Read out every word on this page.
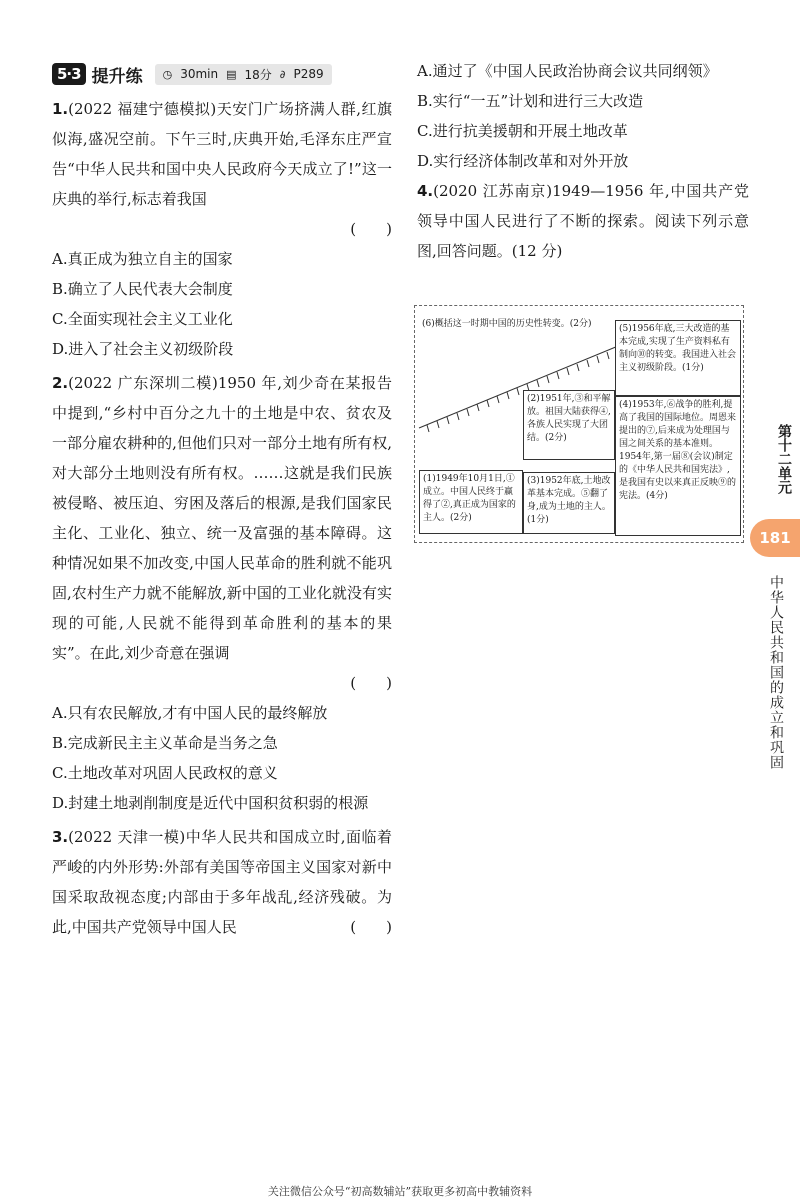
5·3 提升练 ◷ 30min ▤ 18分 ∂ P289
1.(2022 福建宁德模拟)天安门广场挤满人群,红旗似海,盛况空前。下午三时,庆典开始,毛泽东庄严宣告“中华人民共和国中央人民政府今天成立了!”这一庆典的举行,标志着我国
(　　)
A.真正成为独立自主的国家
B.确立了人民代表大会制度
C.全面实现社会主义工业化
D.进入了社会主义初级阶段
2.(2022 广东深圳二模)1950 年,刘少奇在某报告中提到,“乡村中百分之九十的土地是中农、贫农及一部分雇农耕种的,但他们只对一部分土地有所有权,对大部分土地则没有所有权。……这就是我们民族被侵略、被压迫、穷困及落后的根源,是我们国家民主化、工业化、独立、统一及富强的基本障碍。这种情况如果不加改变,中国人民革命的胜利就不能巩固,农村生产力就不能解放,新中国的工业化就没有实现的可能,人民就不能得到革命胜利的基本的果实”。在此,刘少奇意在强调
(　　)
A.只有农民解放,才有中国人民的最终解放
B.完成新民主主义革命是当务之急
C.土地改革对巩固人民政权的意义
D.封建土地剥削制度是近代中国积贫积弱的根源
3.(2022 天津一模)中华人民共和国成立时,面临着严峻的内外形势:外部有美国等帝国主义国家对新中国采取敌视态度;内部由于多年战乱,经济残破。为此,中国共产党领导中国人民	(　　)
A.通过了《中国人民政治协商会议共同纲领》
B.实行“一五”计划和进行三大改造
C.进行抗美援朝和开展土地改革
D.实行经济体制改革和对外开放
4.(2020 江苏南京)1949—1956 年,中国共产党领导中国人民进行了不断的探索。阅读下列示意图,回答问题。(12 分)
(6)概括这一时期中国的历史性转变。(2分)	(5)1956年底,三大改造的基本完成,实现了生产资料私有制向⑩的转变。我国进入社会主义初级阶段。(1分)
(2)1951年,③和平解放。祖国大陆获得④,各族人民实现了大团结。(2分)
(4)1953年,⑥战争的胜利,提高了我国的国际地位。周恩来提出的⑦,后来成为处理国与国之间关系的基本准则。1954年,第一届⑧(会议)制定的《中华人民共和国宪法》,是我国有史以来真正反映⑨的宪法。(4分)
(1)1949年10月1日,①成立。中国人民终于赢得了②,真正成为国家的主人。(2分)
(3)1952年底,土地改革基本完成。⑤翻了身,成为土地的主人。(1分)
第十二单元
181
中华人民共和国的成立和巩固
关注微信公众号“初高数辅站”获取更多初高中教辅资料
